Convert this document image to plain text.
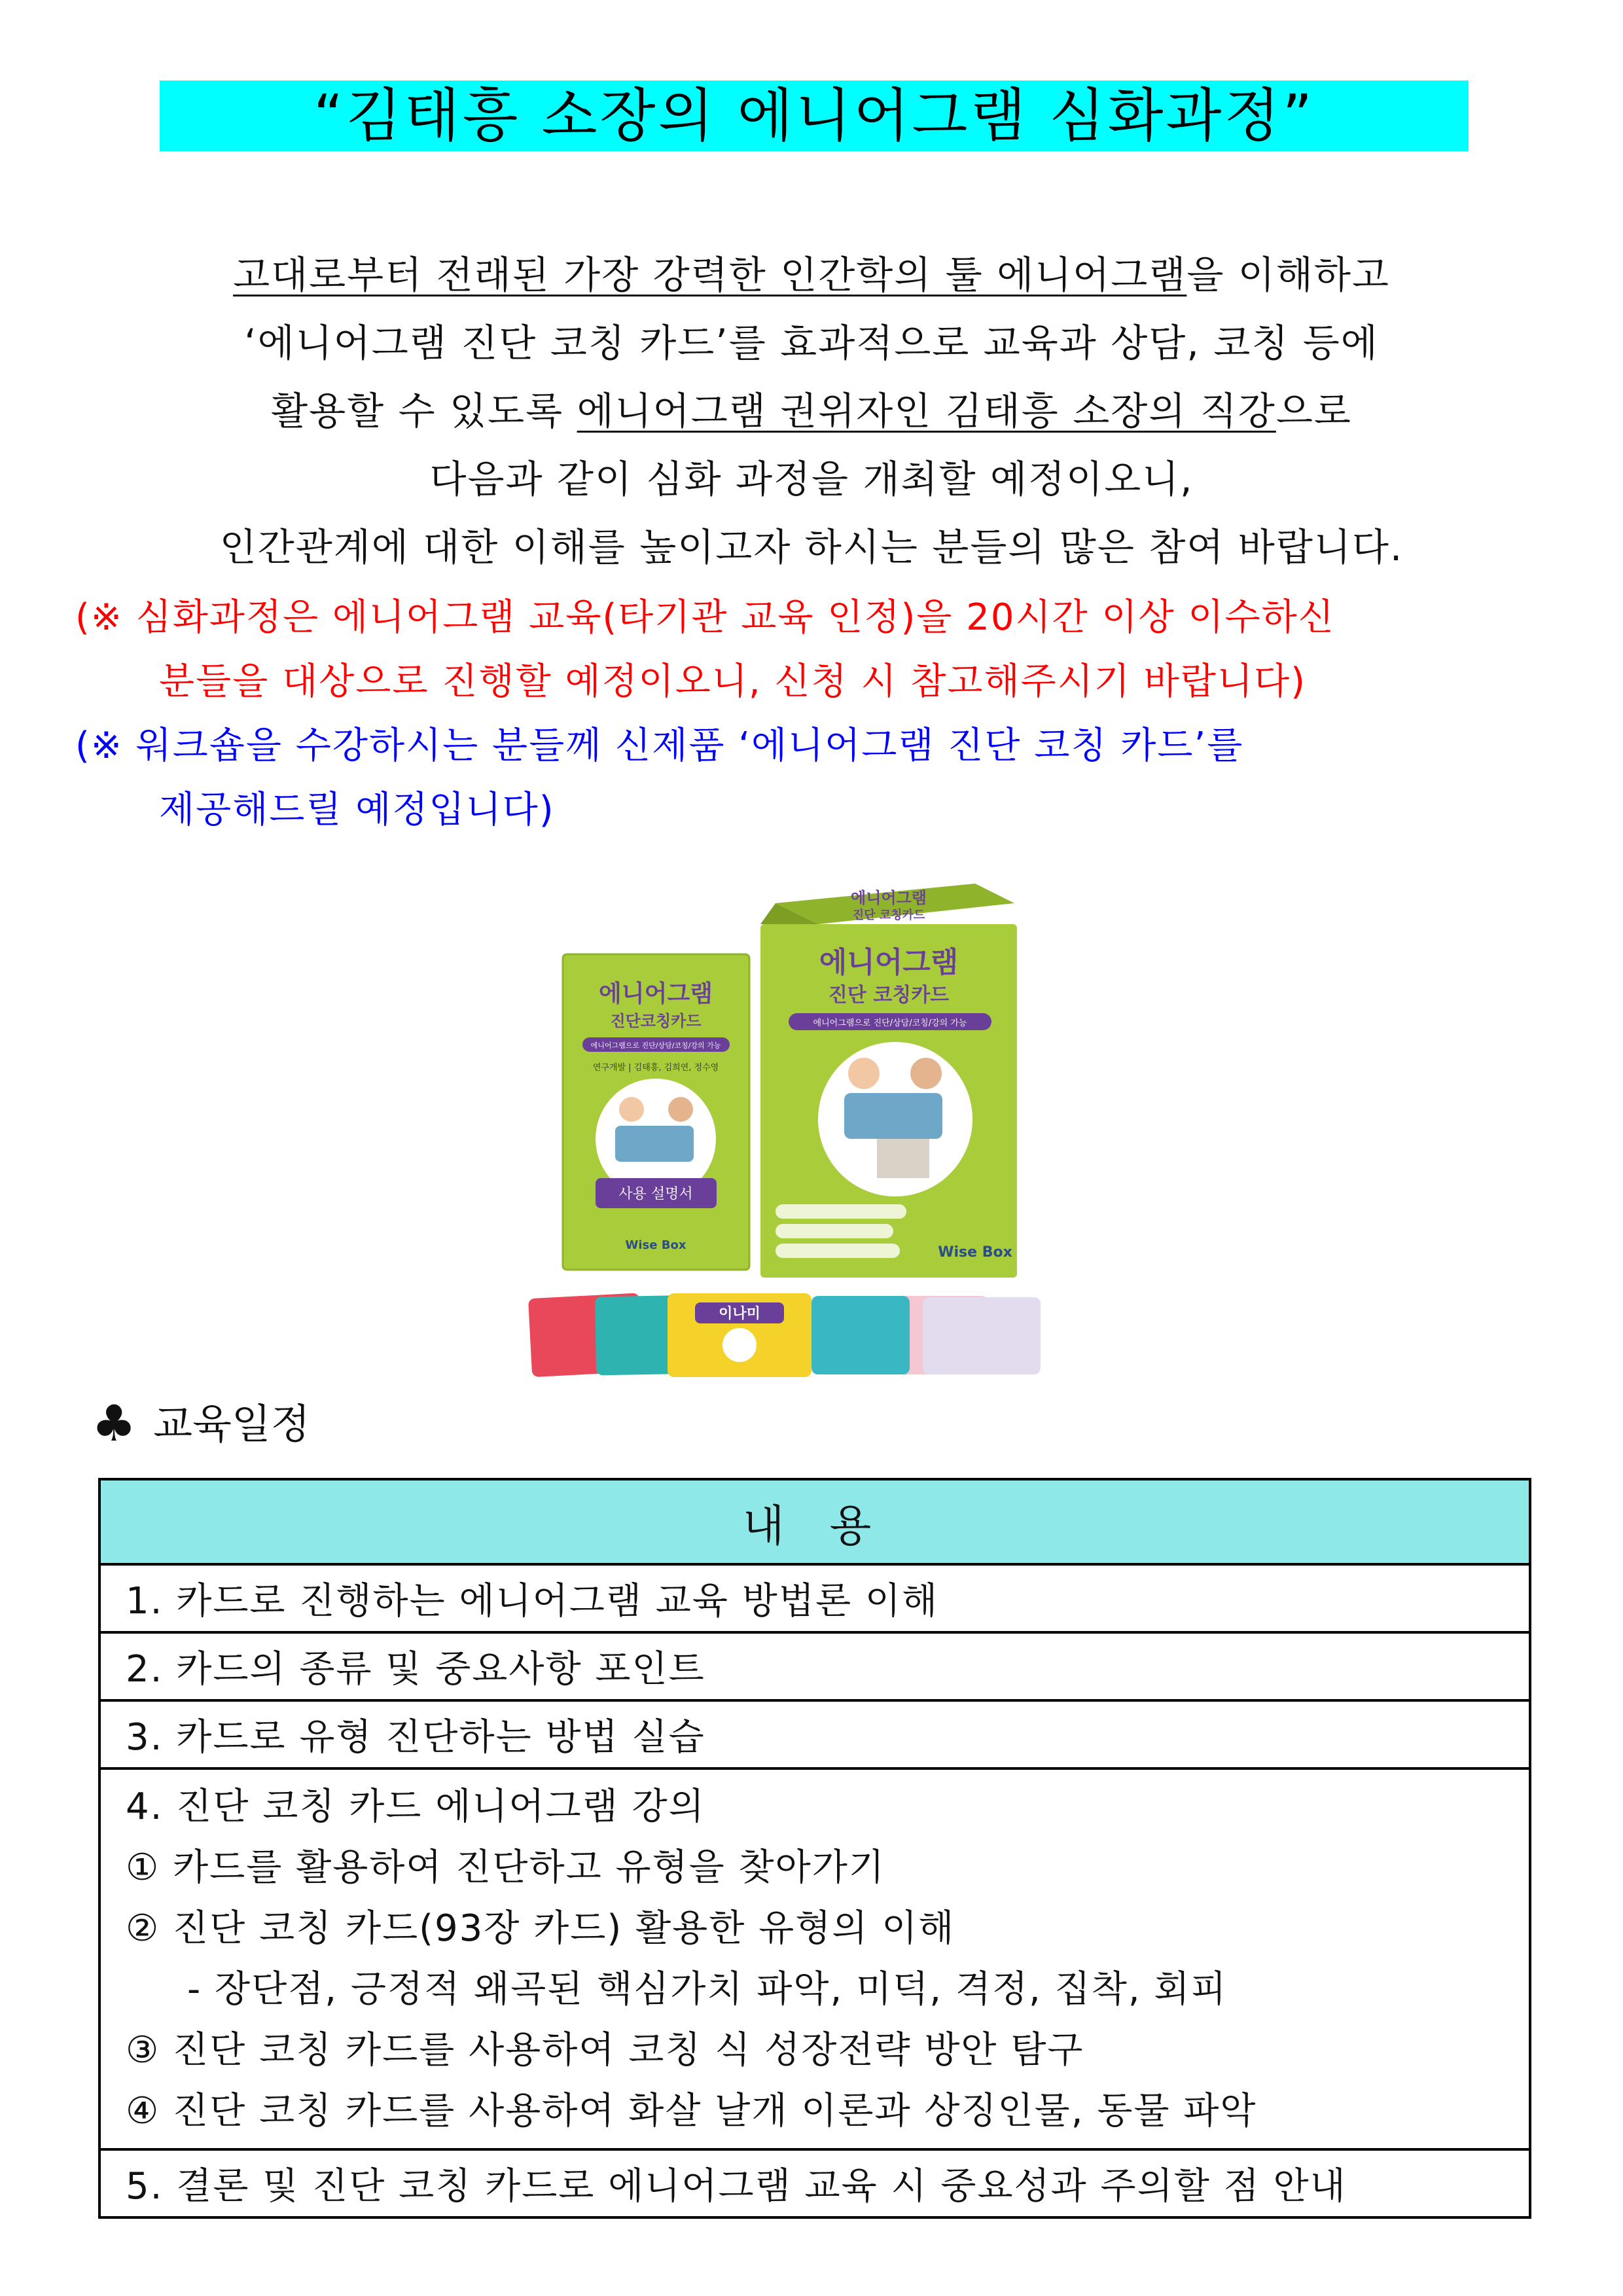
“김태흥 소장의 에니어그램 심화과정”
고대로부터 전래된 가장 강력한 인간학의 툴 에니어그램을 이해하고
‘에니어그램 진단 코칭 카드’를 효과적으로 교육과 상담, 코칭 등에
활용할 수 있도록 에니어그램 권위자인 김태흥 소장의 직강으로
다음과 같이 심화 과정을 개최할 예정이오니,
인간관계에 대한 이해를 높이고자 하시는 분들의 많은 참여 바랍니다.
(※ 심화과정은 에니어그램 교육(타기관 교육 인정)을 20시간 이상 이수하신
분들을 대상으로 진행할 예정이오니, 신청 시 참고해주시기 바랍니다)
(※ 워크숍을 수강하시는 분들께 신제품 ‘에니어그램 진단 코칭 카드’를
제공해드릴 예정입니다)
에니어그램
진단 코칭카드
에니어그램
진단 코칭카드
에니어그램으로 진단/상담/코칭/강의 가능
Wise Box
에니어그램
진단코칭카드
에니어그램으로 진단/상담/코칭/강의 가능
연구개발 | 김태흥, 김희연, 정수영
사용 설명서
Wise Box
이나미
♣ 교육일정
내 용
1. 카드로 진행하는 에니어그램 교육 방법론 이해
2. 카드의 종류 및 중요사항 포인트
3. 카드로 유형 진단하는 방법 실습

4. 진단 코칭 카드 에니어그램 강의
① 카드를 활용하여 진단하고 유형을 찾아가기
② 진단 코칭 카드(93장 카드) 활용한 유형의 이해
- 장단점, 긍정적 왜곡된 핵심가치 파악, 미덕, 격정, 집착, 회피
③ 진단 코칭 카드를 사용하여 코칭 식 성장전략 방안 탐구
④ 진단 코칭 카드를 사용하여 화살 날개 이론과 상징인물, 동물 파악

5. 결론 및 진단 코칭 카드로 에니어그램 교육 시 중요성과 주의할 점 안내
